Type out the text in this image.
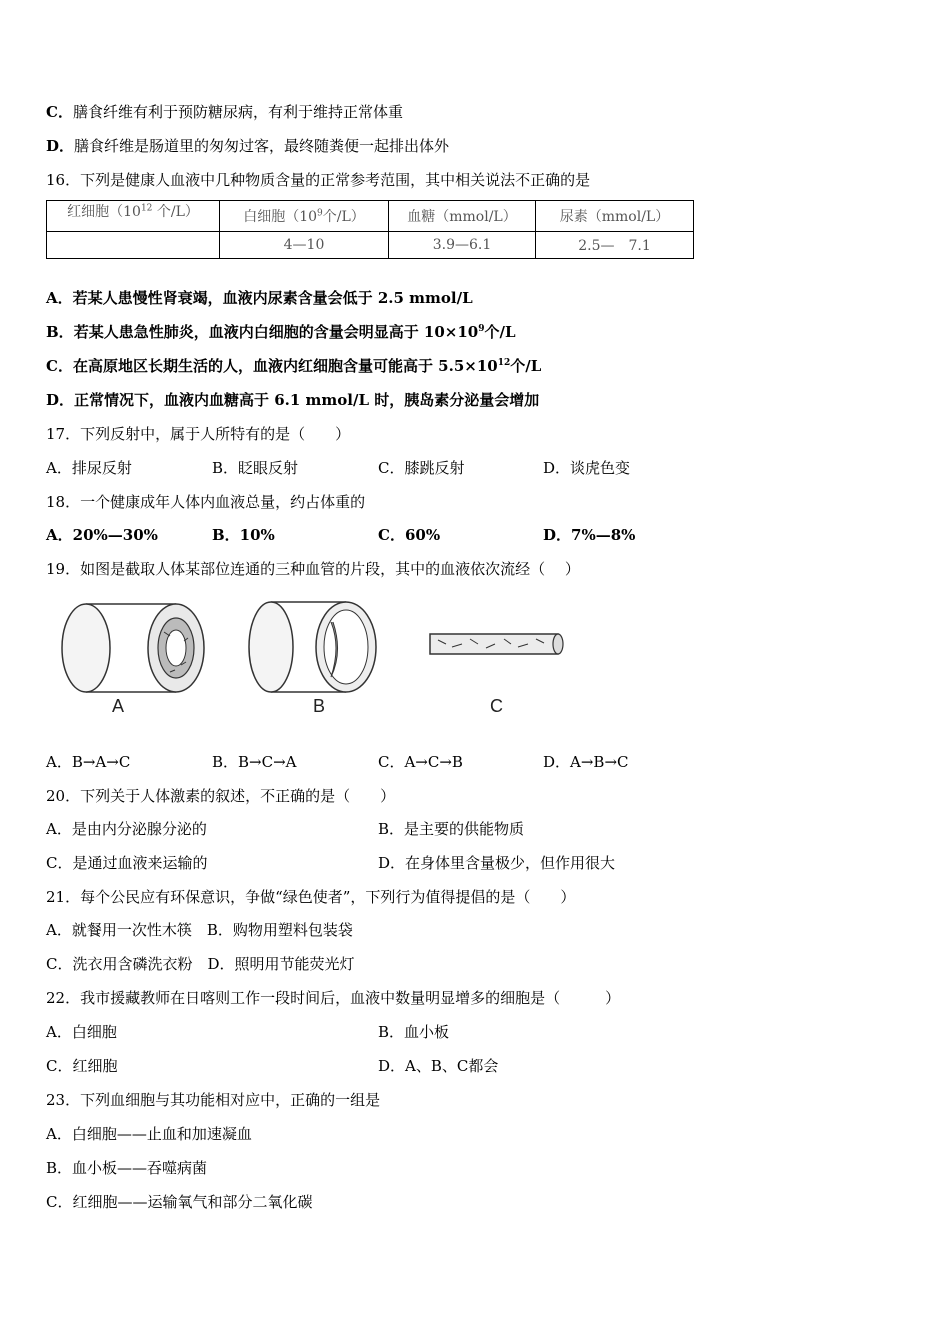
C．膳食纤维有利于预防糖尿病，有利于维持正常体重
D．膳食纤维是肠道里的匆匆过客，最终随粪便一起排出体外
16．下列是健康人血液中几种物质含量的正常参考范围，其中相关说法不正确的是
红细胞（$10^{12}$ 个/L）	白细胞（$10^9$个/L）	血糖（mmol/L）	尿素（mmol/L）
	4—10	3.9—6.1	2.5—　7.1
A．若某人患慢性肾衰竭，血液内尿素含量会低于 2.5 mmol/L
B．若某人患急性肺炎，血液内白细胞的含量会明显高于 $10\times 10^9$个/L
C．在高原地区长期生活的人，血液内红细胞含量可能高于 $5.5\times 10^{12}$个/L
D．正常情况下，血液内血糖高于 6.1 mmol/L 时，胰岛素分泌量会增加
17．下列反射中，属于人所特有的是（　　）
A．排尿反射	B．眨眼反射	C．膝跳反射	D．谈虎色变
18．一个健康成年人体内血液总量，约占体重的
A．20%—30%	B．10%	C．60%	D．7%—8%
19．如图是截取人体某部位连通的三种血管的片段，其中的血液依次流经（　 ）
A	B	C
A．B→A→C	B．B→C→A	C．A→C→B	D．A→B→C
20．下列关于人体激素的叙述，不正确的是（　　）
A．是由内分泌腺分泌的	B．是主要的供能物质
C．是通过血液来运输的	D．在身体里含量极少，但作用很大
21．每个公民应有环保意识，争做“绿色使者”，下列行为值得提倡的是（　　）
A．就餐用一次性木筷　B．购物用塑料包装袋
C．洗衣用含磷洗衣粉　D．照明用节能荧光灯
22．我市援藏教师在日喀则工作一段时间后，血液中数量明显增多的细胞是（　　　）
A．白细胞	B．血小板
C．红细胞	D．A、B、C都会
23．下列血细胞与其功能相对应中，正确的一组是
A．白细胞——止血和加速凝血
B．血小板——吞噬病菌
C．红细胞——运输氧气和部分二氧化碳
